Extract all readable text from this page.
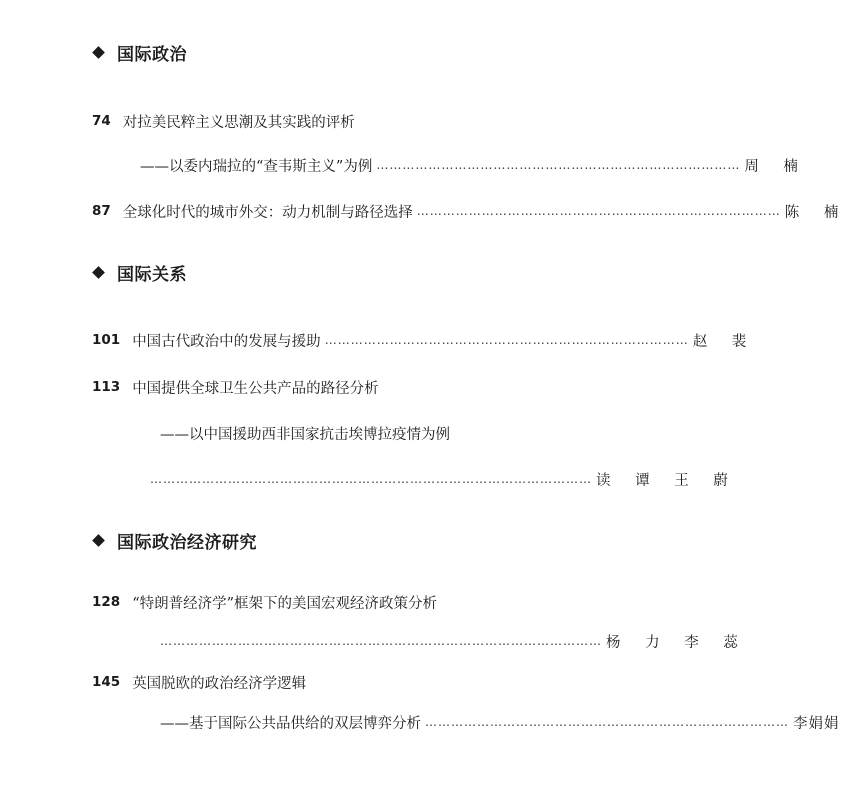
国际政治
74 对拉美民粹主义思潮及其实践的评析
——以委内瑞拉的“查韦斯主义”为例 ………………………………………………………………………… 周 楠
87 全球化时代的城市外交：动力机制与路径选择 ………………………………………………………………………… 陈 楠
国际关系
101 中国古代政治中的发展与援助 ………………………………………………………………………… 赵 裴
113 中国提供全球卫生公共产品的路径分析
——以中国援助西非国家抗击埃博拉疫情为例
………………………………………………………………………………………… 读 谭 王 蔚
国际政治经济研究
128 “特朗普经济学”框架下的美国宏观经济政策分析
………………………………………………………………………………………… 杨 力 李 蕊
145 英国脱欧的政治经济学逻辑
——基于国际公共品供给的双层博弈分析 ………………………………………………………………………… 李娟娟
